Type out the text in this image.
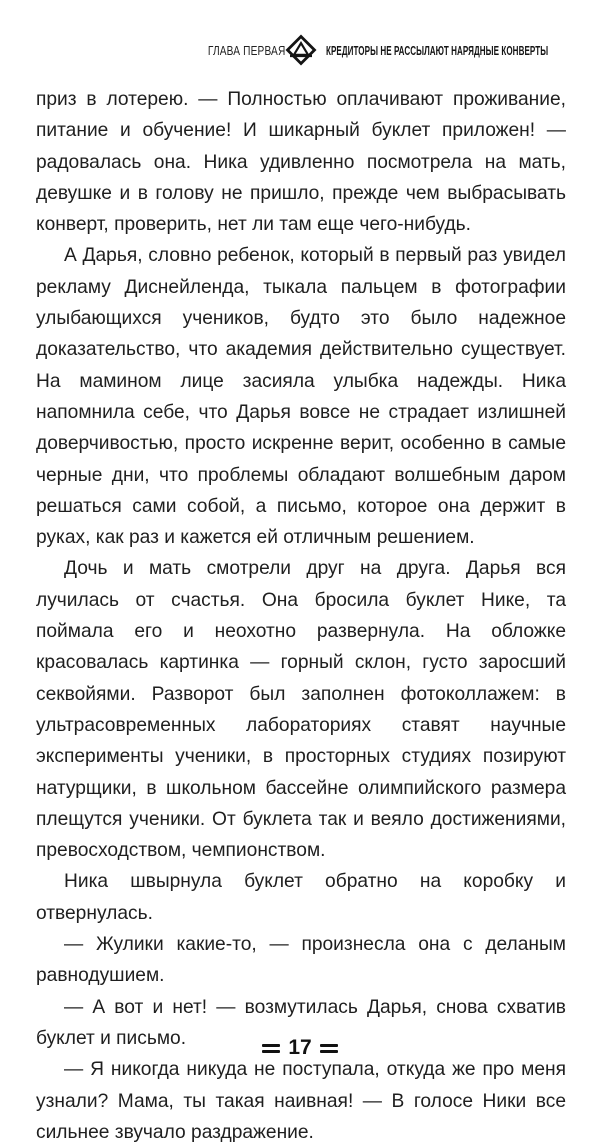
ГЛАВА ПЕРВАЯ	КРЕДИТОРЫ НЕ РАССЫЛАЮТ НАРЯДНЫЕ КОНВЕРТЫ

приз в лотерею. — Полностью оплачивают проживание, питание и обучение! И шикарный буклет приложен! — радовалась она. Ника удивленно посмотрела на мать, девушке и в голову не пришло, прежде чем выбрасывать конверт, проверить, нет ли там еще чего-нибудь.

А Дарья, словно ребенок, который в первый раз увидел рекламу Диснейленда, тыкала пальцем в фотографии улыбающихся учеников, будто это было надежное доказательство, что академия действительно существует. На мамином лице засияла улыбка надежды. Ника напомнила себе, что Дарья вовсе не страдает излишней доверчивостью, просто искренне верит, особенно в самые черные дни, что проблемы обладают волшебным даром решаться сами собой, а письмо, которое она держит в руках, как раз и кажется ей отличным решением.

Дочь и мать смотрели друг на друга. Дарья вся лучилась от счастья. Она бросила буклет Нике, та поймала его и неохотно развернула. На обложке красовалась картинка — горный склон, густо заросший секвойями. Разворот был заполнен фотоколлажем: в ультрасовременных лабораториях ставят научные эксперименты ученики, в просторных студиях позируют натурщики, в школьном бассейне олимпийского размера плещутся ученики. От буклета так и веяло достижениями, превосходством, чемпионством.

Ника швырнула буклет обратно на коробку и отвернулась.

— Жулики какие-то, — произнесла она с деланым равнодушием.

— А вот и нет! — возмутилась Дарья, снова схватив буклет и письмо.

— Я никогда никуда не поступала, откуда же про меня узнали? Мама, ты такая наивная! — В голосе Ники все сильнее звучало раздражение.

17
